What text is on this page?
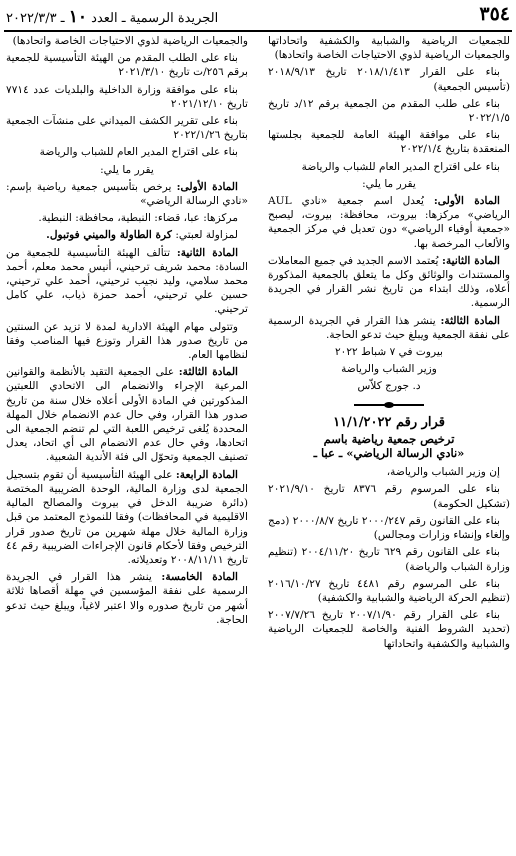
٣٥٤
الجريدة الرسمية ـ العدد ١٠ ـ ٢٠٢٢/٣/٣

للجمعيات الرياضية والشبابية والكشفية واتحاداتها والجمعيات الرياضية لذوي الاحتياجات الخاصة واتحادها)

بناء على القرار ٢٠١٨/١/٤١٣ تاريخ ٢٠١٨/٩/١٣ (تأسيس الجمعية)

بناء على طلب المقدم من الجمعية برقم ١٢/د تاريخ ٢٠٢٢/١/٥

بناء على موافقة الهيئة العامة للجمعية بجلستها المنعقدة بتاريخ ٢٠٢٢/١/٤

بناء على اقتراح المدير العام للشباب والرياضة

يقرر ما يلي:

المادة الأولى: يُعدل اسم جمعية «نادي AUL الرياضي» مركزها: بيروت، محافظة: بيروت، ليصبح «جمعية أوفياء الرياضي» دون تعديل في مركز الجمعية والألعاب المرخصة بها.

المادة الثانية: يُعتمد الاسم الجديد في جميع المعاملات والمستندات والوثائق وكل ما يتعلق بالجمعية المذكورة أعلاه، وذلك ابتداء من تاريخ نشر القرار في الجريدة الرسمية.

المادة الثالثة: ينشر هذا القرار في الجريدة الرسمية على نفقة الجمعية ويبلغ حيث تدعو الحاجة.

بيروت في ٧ شباط ٢٠٢٢

وزير الشباب والرياضة

د. جورج كلاّس

قرار رقم ١١/١/٢٠٢٢

ترخيص جمعية رياضية باسم
«نادي الرسالة الرياضي» ـ عبا ـ

إن وزير الشباب والرياضة،

بناء على المرسوم رقم ٨٣٧٦ تاريخ ٢٠٢١/٩/١٠ (تشكيل الحكومة)

بناء على القانون رقم ٢٠٠٠/٢٤٧ تاريخ ٢٠٠٠/٨/٧ (دمج وإلغاء وإنشاء وزارات ومجالس)

بناء على القانون رقم ٦٢٩ تاريخ ٢٠٠٤/١١/٢٠ (تنظيم وزارة الشباب والرياضة)

بناء على المرسوم رقم ٤٤٨١ تاريخ ٢٠١٦/١٠/٢٧ (تنظيم الحركة الرياضية والشبابية والكشفية)

بناء على القرار رقم ٢٠٠٧/١/٩٠ تاريخ ٢٠٠٧/٧/٢٦ (تحديد الشروط الفنية والخاصة للجمعيات الرياضية والشبابية والكشفية واتحاداتها

والجمعيات الرياضية لذوي الاحتياجات الخاصة واتحادها)

بناء على الطلب المقدم من الهيئة التأسيسية للجمعية برقم ٢٥٦/ت تاريخ ٢٠٢١/٣/١٠

بناء على موافقة وزارة الداخلية والبلديات عدد ٧٧١٤ تاريخ ٢٠٢١/١٢/١٠

بناء على تقرير الكشف الميداني على منشآت الجمعية بتاريخ ٢٠٢٢/١/٢٦

بناء على اقتراح المدير العام للشباب والرياضة

يقرر ما يلي:

المادة الأولى: يرخص بتأسيس جمعية رياضية بإسم: «نادي الرسالة الرياضي»

مركزها: عبا، قضاء: النبطية، محافظة: النبطية.

لمزاولة لعبتي: كرة الطاولة والميني فوتبول.

المادة الثانية: تتألف الهيئة التأسيسية للجمعية من السادة: محمد شريف ترحيني، أنيس محمد معلم، أحمد محمد سلامي، وليد نجيب ترحيني، أحمد علي ترحيني، حسين علي ترحيني، أحمد حمزة ذياب، علي كامل ترحيني.

وتتولى مهام الهيئة الادارية لمدة لا تزيد عن السنتين من تاريخ صدور هذا القرار وتوزع فيها المناصب وفقا لنظامها العام.

المادة الثالثة: على الجمعية التقيد بالأنظمة والقوانين المرعية الإجراء والانضمام الى الاتحادي اللعبتين المذكورتين في المادة الأولى أعلاه خلال سنة من تاريخ صدور هذا القرار، وفي حال عدم الانضمام خلال المهلة المحددة يُلغى ترخيص اللعبة التي لم تنضم الجمعية الى اتحادها، وفي حال عدم الانضمام الى أي اتحاد، يعدل تصنيف الجمعية وتحوّل الى فئة الأندية الشعبية.

المادة الرابعة: على الهيئة التأسيسية أن تقوم بتسجيل الجمعية لدى وزارة المالية، الوحدة الضريبية المختصة (دائرة ضريبة الدخل في بيروت والمصالح المالية الاقليمية في المحافظات) وفقا للنموذج المعتمد من قبل وزارة المالية خلال مهلة شهرين من تاريخ صدور قرار الترخيص وفقا لأحكام قانون الإجراءات الضريبية رقم ٤٤ تاريخ ٢٠٠٨/١١/١١ وتعديلاته.

المادة الخامسة: ينشر هذا القرار في الجريدة الرسمية على نفقة المؤسسين في مهلة أقصاها ثلاثة أشهر من تاريخ صدوره والا اعتبر لاغياً، ويبلغ حيث تدعو الحاجة.
